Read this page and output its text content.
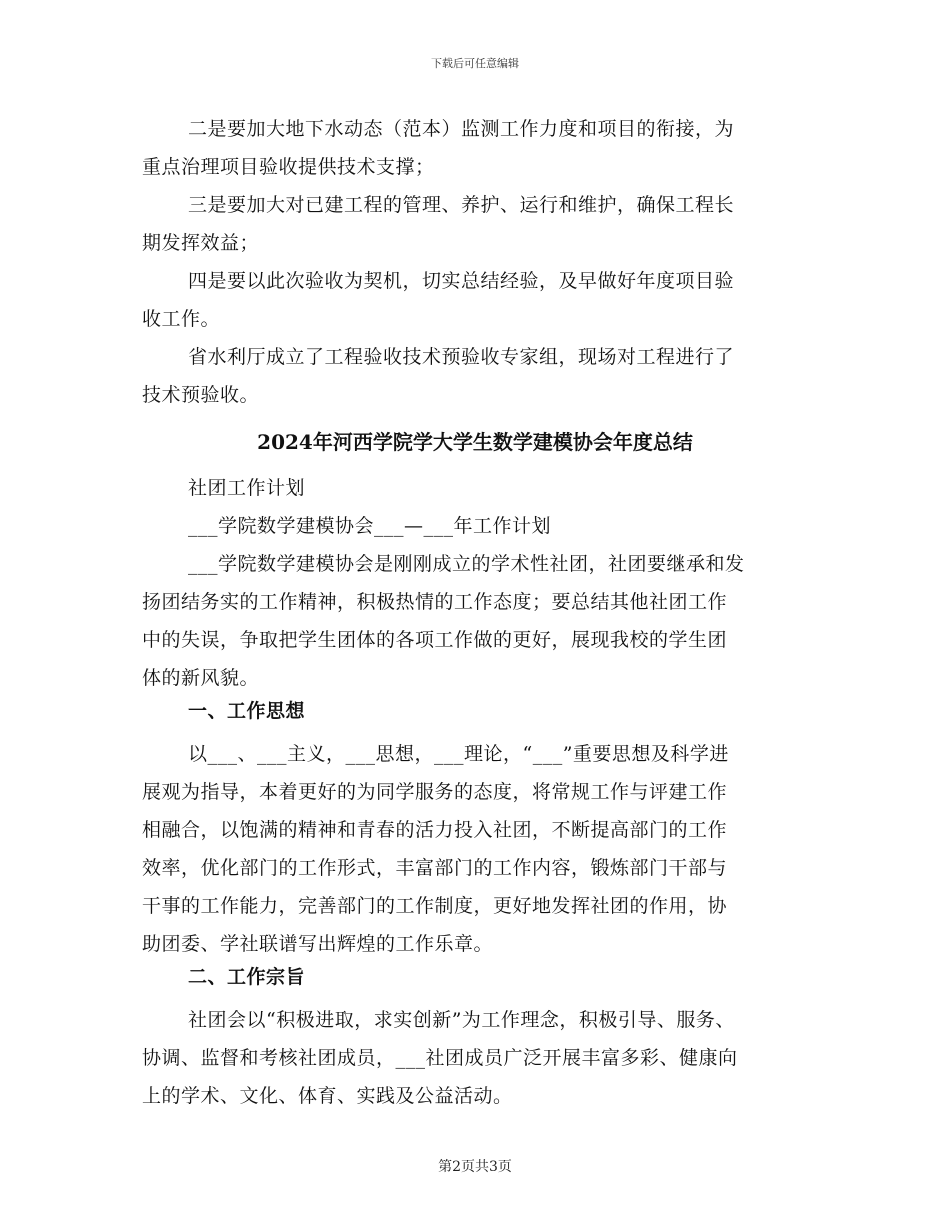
下载后可任意编辑
二是要加大地下水动态（范本）监测工作力度和项目的衔接，为
重点治理项目验收提供技术支撑；
三是要加大对已建工程的管理、养护、运行和维护，确保工程长
期发挥效益；
四是要以此次验收为契机，切实总结经验，及早做好年度项目验
收工作。
省水利厅成立了工程验收技术预验收专家组，现场对工程进行了
技术预验收。
2024年河西学院学大学生数学建模协会年度总结
社团工作计划
___学院数学建模协会___—___年工作计划
___学院数学建模协会是刚刚成立的学术性社团，社团要继承和发
扬团结务实的工作精神，积极热情的工作态度；要总结其他社团工作
中的失误，争取把学生团体的各项工作做的更好，展现我校的学生团
体的新风貌。
一、工作思想
以___、___主义，___思想，___理论，“___”重要思想及科学进
展观为指导，本着更好的为同学服务的态度，将常规工作与评建工作
相融合，以饱满的精神和青春的活力投入社团，不断提高部门的工作
效率，优化部门的工作形式，丰富部门的工作内容，锻炼部门干部与
干事的工作能力，完善部门的工作制度，更好地发挥社团的作用，协
助团委、学社联谱写出辉煌的工作乐章。
二、工作宗旨
社团会以“积极进取，求实创新”为工作理念，积极引导、服务、
协调、监督和考核社团成员，___社团成员广泛开展丰富多彩、健康向
上的学术、文化、体育、实践及公益活动。
第2页共3页
